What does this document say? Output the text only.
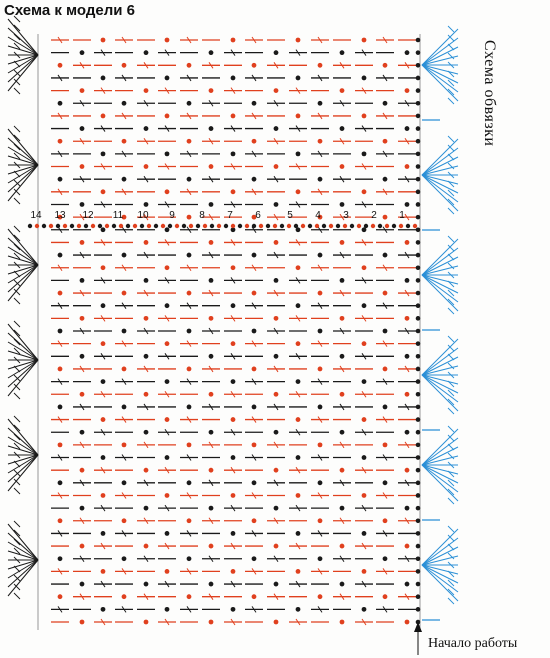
Схема к модели 6
Схема обвязки
Начало работы
14 13 12 11 10 9 8 7 6	5 4 3 2 1
